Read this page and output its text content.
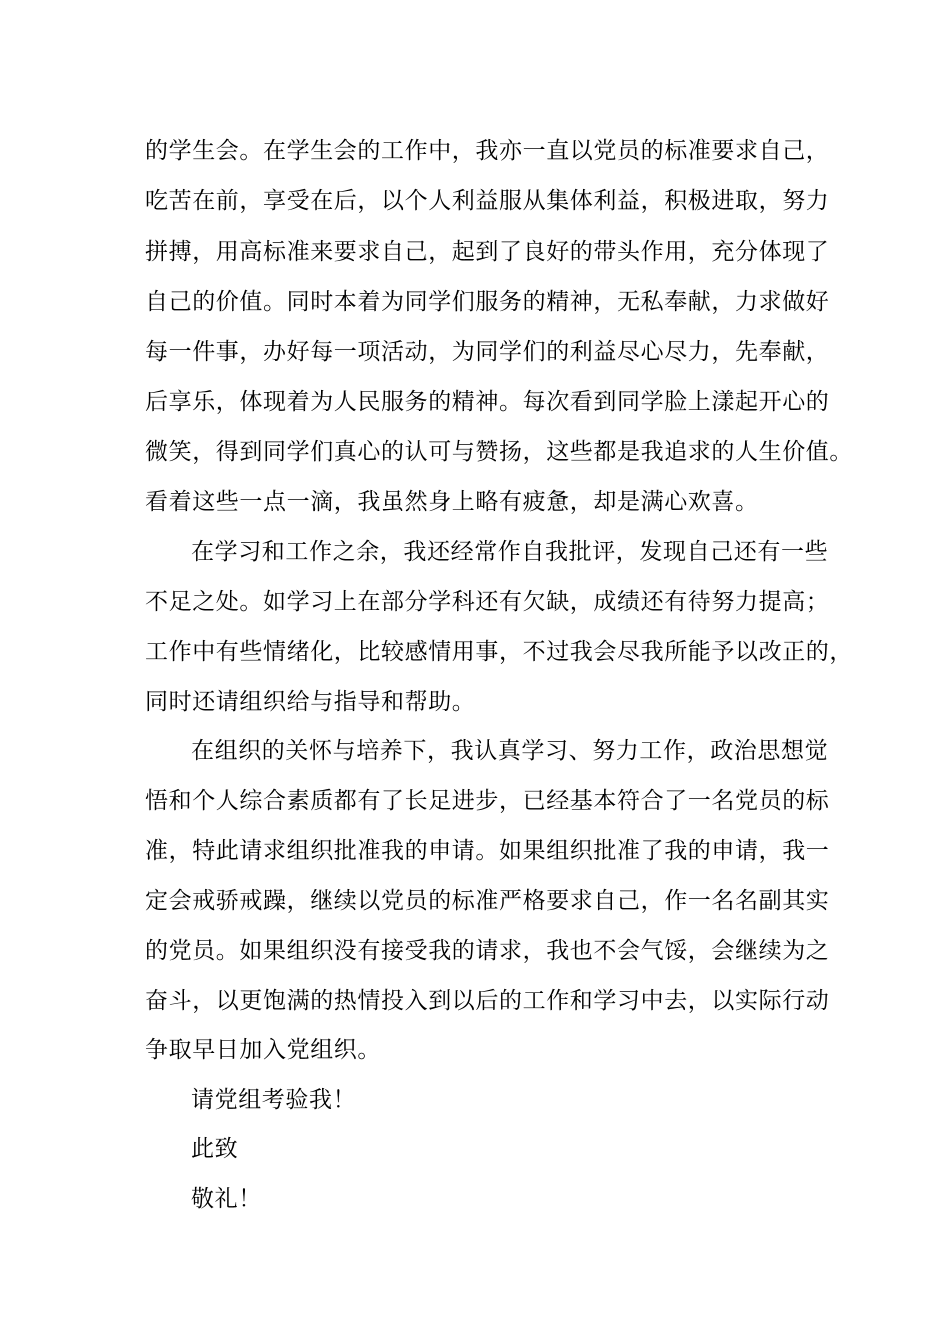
的学生会。在学生会的工作中，我亦一直以党员的标准要求自己，
吃苦在前，享受在后，以个人利益服从集体利益，积极进取，努力
拼搏，用高标准来要求自己，起到了良好的带头作用，充分体现了
自己的价值。同时本着为同学们服务的精神，无私奉献，力求做好
每一件事，办好每一项活动，为同学们的利益尽心尽力，先奉献，
后享乐，体现着为人民服务的精神。每次看到同学脸上漾起开心的
微笑，得到同学们真心的认可与赞扬，这些都是我追求的人生价值。
看着这些一点一滴，我虽然身上略有疲惫，却是满心欢喜。
在学习和工作之余，我还经常作自我批评，发现自己还有一些
不足之处。如学习上在部分学科还有欠缺，成绩还有待努力提高；
工作中有些情绪化，比较感情用事，不过我会尽我所能予以改正的，
同时还请组织给与指导和帮助。
在组织的关怀与培养下，我认真学习、努力工作，政治思想觉
悟和个人综合素质都有了长足进步，已经基本符合了一名党员的标
准，特此请求组织批准我的申请。如果组织批准了我的申请，我一
定会戒骄戒躁，继续以党员的标准严格要求自己，作一名名副其实
的党员。如果组织没有接受我的请求，我也不会气馁，会继续为之
奋斗，以更饱满的热情投入到以后的工作和学习中去，以实际行动
争取早日加入党组织。
请党组考验我！
此致
敬礼！
